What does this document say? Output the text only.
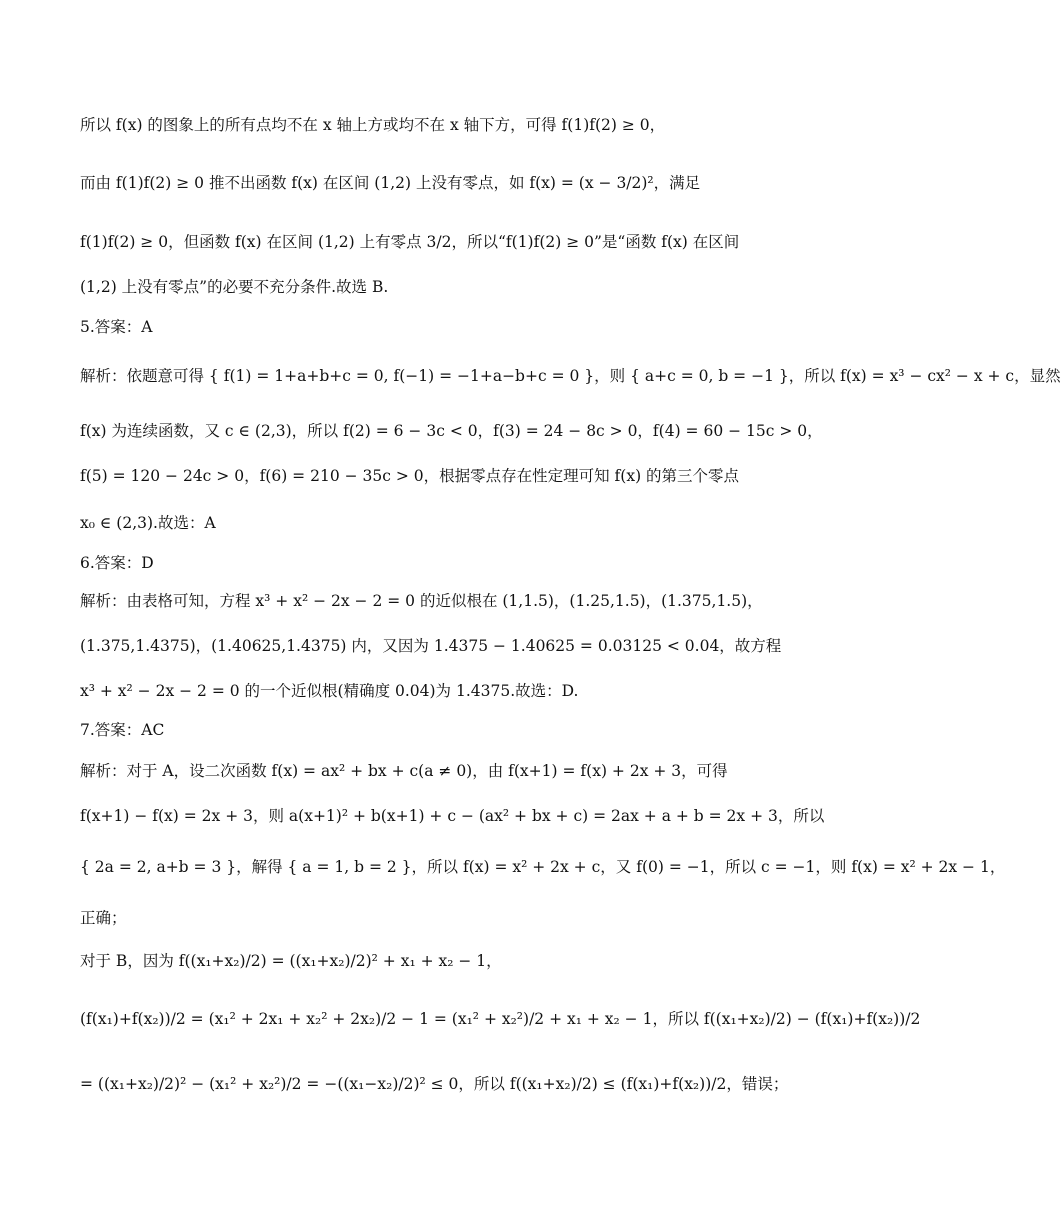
所以 f(x) 的图象上的所有点均不在 x 轴上方或均不在 x 轴下方，可得 f(1)f(2) ≥ 0，
而由 f(1)f(2) ≥ 0 推不出函数 f(x) 在区间 (1,2) 上没有零点，如 f(x) = (x − 3/2)²，满足
f(1)f(2) ≥ 0，但函数 f(x) 在区间 (1,2) 上有零点 3/2，所以“f(1)f(2) ≥ 0”是“函数 f(x) 在区间
(1,2) 上没有零点”的必要不充分条件.故选 B.
5.答案：A
解析：依题意可得 { f(1) = 1+a+b+c = 0, f(−1) = −1+a−b+c = 0 }，则 { a+c = 0, b = −1 }，所以 f(x) = x³ − cx² − x + c，显然
f(x) 为连续函数，又 c ∈ (2,3)，所以 f(2) = 6 − 3c < 0，f(3) = 24 − 8c > 0，f(4) = 60 − 15c > 0，
f(5) = 120 − 24c > 0，f(6) = 210 − 35c > 0，根据零点存在性定理可知 f(x) 的第三个零点
x₀ ∈ (2,3).故选：A
6.答案：D
解析：由表格可知，方程 x³ + x² − 2x − 2 = 0 的近似根在 (1,1.5)，(1.25,1.5)，(1.375,1.5)，
(1.375,1.4375)，(1.40625,1.4375) 内，又因为 1.4375 − 1.40625 = 0.03125 < 0.04，故方程
x³ + x² − 2x − 2 = 0 的一个近似根(精确度 0.04)为 1.4375.故选：D.
7.答案：AC
解析：对于 A，设二次函数 f(x) = ax² + bx + c(a ≠ 0)，由 f(x+1) = f(x) + 2x + 3，可得
f(x+1) − f(x) = 2x + 3，则 a(x+1)² + b(x+1) + c − (ax² + bx + c) = 2ax + a + b = 2x + 3，所以
{ 2a = 2, a+b = 3 }，解得 { a = 1, b = 2 }，所以 f(x) = x² + 2x + c，又 f(0) = −1，所以 c = −1，则 f(x) = x² + 2x − 1，
正确；
对于 B，因为 f((x₁+x₂)/2) = ((x₁+x₂)/2)² + x₁ + x₂ − 1，
(f(x₁)+f(x₂))/2 = (x₁² + 2x₁ + x₂² + 2x₂)/2 − 1 = (x₁² + x₂²)/2 + x₁ + x₂ − 1，所以 f((x₁+x₂)/2) − (f(x₁)+f(x₂))/2
= ((x₁+x₂)/2)² − (x₁² + x₂²)/2 = −((x₁−x₂)/2)² ≤ 0，所以 f((x₁+x₂)/2) ≤ (f(x₁)+f(x₂))/2，错误；
